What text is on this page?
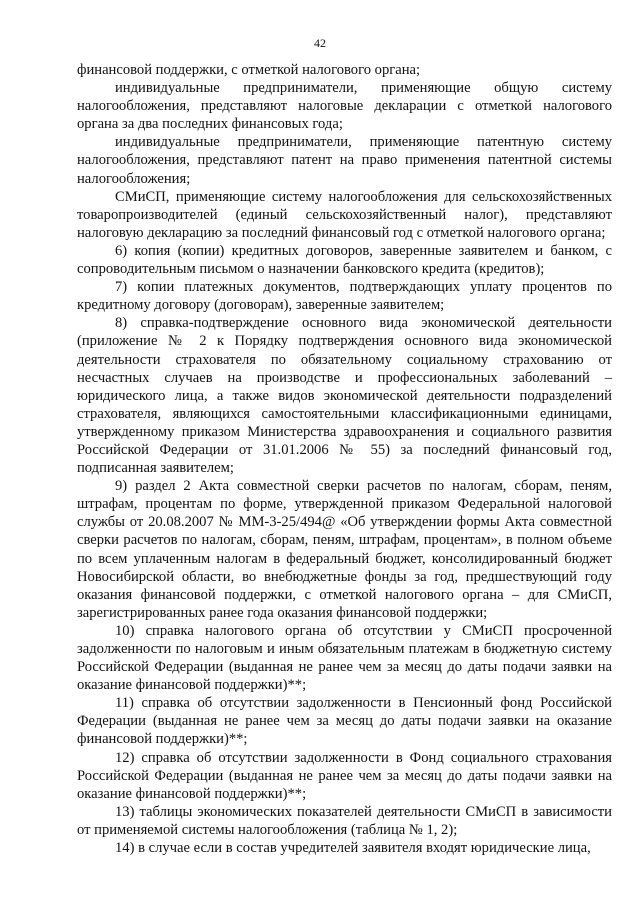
42

финансовой поддержки, с отметкой налогового органа;

индивидуальные предприниматели, применяющие общую систему налогообложения, представляют налоговые декларации с отметкой налогового органа за два последних финансовых года;

индивидуальные предприниматели, применяющие патентную систему налогообложения, представляют патент на право применения патентной системы налогообложения;

СМиСП, применяющие систему налогообложения для сельскохозяйственных товаропроизводителей (единый сельскохозяйственный налог), представляют налоговую декларацию за последний финансовый год с отметкой налогового органа;

6) копия (копии) кредитных договоров, заверенные заявителем и банком, с сопроводительным письмом о назначении банковского кредита (кредитов);

7) копии платежных документов, подтверждающих уплату процентов по кредитному договору (договорам), заверенные заявителем;

8) справка-подтверждение основного вида экономической деятельности (приложение № 2 к Порядку подтверждения основного вида экономической деятельности страхователя по обязательному социальному страхованию от несчастных случаев на производстве и профессиональных заболеваний – юридического лица, а также видов экономической деятельности подразделений страхователя, являющихся самостоятельными классификационными единицами, утвержденному приказом Министерства здравоохранения и социального развития Российской Федерации от 31.01.2006 № 55) за последний финансовый год, подписанная заявителем;

9) раздел 2 Акта совместной сверки расчетов по налогам, сборам, пеням, штрафам, процентам по форме, утвержденной приказом Федеральной налоговой службы от 20.08.2007 № ММ-3-25/494@ «Об утверждении формы Акта совместной сверки расчетов по налогам, сборам, пеням, штрафам, процентам», в полном объеме по всем уплаченным налогам в федеральный бюджет, консолидированный бюджет Новосибирской области, во внебюджетные фонды за год, предшествующий году оказания финансовой поддержки, с отметкой налогового органа – для СМиСП, зарегистрированных ранее года оказания финансовой поддержки;

10) справка налогового органа об отсутствии у СМиСП просроченной задолженности по налоговым и иным обязательным платежам в бюджетную систему Российской Федерации (выданная не ранее чем за месяц до даты подачи заявки на оказание финансовой поддержки)**;

11) справка об отсутствии задолженности в Пенсионный фонд Российской Федерации (выданная не ранее чем за месяц до даты подачи заявки на оказание финансовой поддержки)**;

12) справка об отсутствии задолженности в Фонд социального страхования Российской Федерации (выданная не ранее чем за месяц до даты подачи заявки на оказание финансовой поддержки)**;

13) таблицы экономических показателей деятельности СМиСП в зависимости от применяемой системы налогообложения (таблица № 1, 2);

14) в случае если в состав учредителей заявителя входят юридические лица,
